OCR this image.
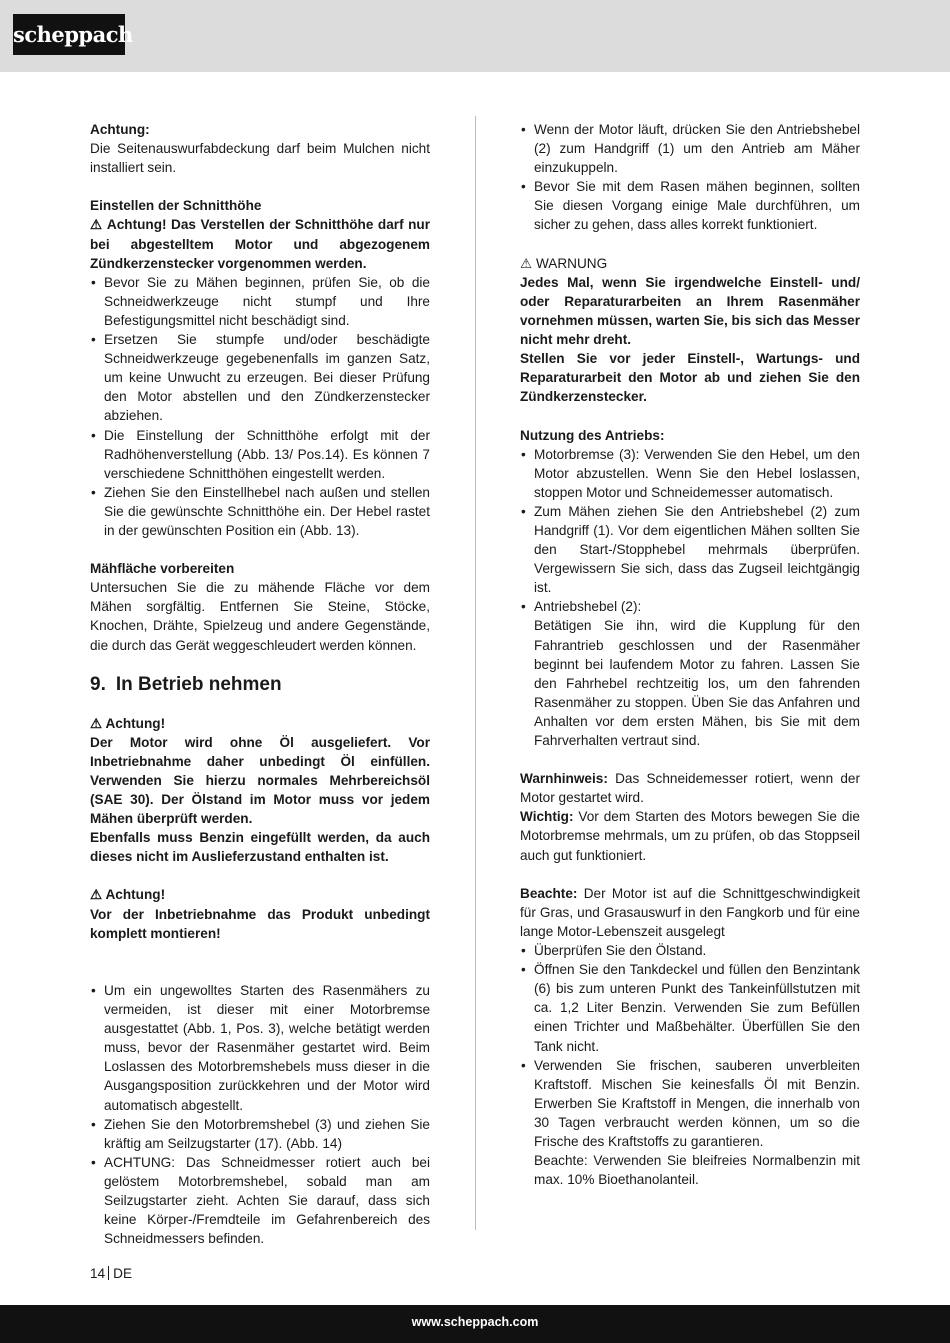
scheppach

Achtung:

Die Seitenauswurfabdeckung darf beim Mulchen nicht installiert sein.

Einstellen der Schnitthöhe

⚠ Achtung! Das Verstellen der Schnitthöhe darf nur bei abgestelltem Motor und abgezogenem Zündkerzenstecker vorgenommen werden.

• Bevor Sie zu Mähen beginnen, prüfen Sie, ob die Schneidwerkzeuge nicht stumpf und Ihre Befestigungsmittel nicht beschädigt sind.
• Ersetzen Sie stumpfe und/oder beschädigte Schneidwerkzeuge gegebenenfalls im ganzen Satz, um keine Unwucht zu erzeugen. Bei dieser Prüfung den Motor abstellen und den Zündkerzenstecker abziehen.
• Die Einstellung der Schnitthöhe erfolgt mit der Radhöhenverstellung (Abb. 13/ Pos.14). Es können 7 verschiedene Schnitthöhen eingestellt werden.
• Ziehen Sie den Einstellhebel nach außen und stellen Sie die gewünschte Schnitthöhe ein. Der Hebel rastet in der gewünschten Position ein (Abb. 13).

Mähfläche vorbereiten

Untersuchen Sie die zu mähende Fläche vor dem Mähen sorgfältig. Entfernen Sie Steine, Stöcke, Knochen, Drähte, Spielzeug und andere Gegenstände, die durch das Gerät weggeschleudert werden können.

9. In Betrieb nehmen

⚠ Achtung!

Der Motor wird ohne Öl ausgeliefert. Vor Inbetriebnahme daher unbedingt Öl einfüllen. Verwenden Sie hierzu normales Mehrbereichsöl (SAE 30). Der Ölstand im Motor muss vor jedem Mähen überprüft werden.

Ebenfalls muss Benzin eingefüllt werden, da auch dieses nicht im Auslieferzustand enthalten ist.

⚠ Achtung!

Vor der Inbetriebnahme das Produkt unbedingt komplett montieren!

• Um ein ungewolltes Starten des Rasenmähers zu vermeiden, ist dieser mit einer Motorbremse ausgestattet (Abb. 1, Pos. 3), welche betätigt werden muss, bevor der Rasenmäher gestartet wird. Beim Loslassen des Motorbremshebels muss dieser in die Ausgangsposition zurückkehren und der Motor wird automatisch abgestellt.
• Ziehen Sie den Motorbremshebel (3) und ziehen Sie kräftig am Seilzugstarter (17). (Abb. 14)
• ACHTUNG: Das Schneidmesser rotiert auch bei gelöstem Motorbremshebel, sobald man am Seilzugstarter zieht. Achten Sie darauf, dass sich keine Körper-/Fremdteile im Gefahrenbereich des Schneidmessers befinden.
• Wenn der Motor läuft, drücken Sie den Antriebshebel (2) zum Handgriff (1) um den Antrieb am Mäher einzukuppeln.
• Bevor Sie mit dem Rasen mähen beginnen, sollten Sie diesen Vorgang einige Male durchführen, um sicher zu gehen, dass alles korrekt funktioniert.

⚠ WARNUNG

Jedes Mal, wenn Sie irgendwelche Einstell- und/ oder Reparaturarbeiten an Ihrem Rasenmäher vornehmen müssen, warten Sie, bis sich das Messer nicht mehr dreht.

Stellen Sie vor jeder Einstell-, Wartungs- und Reparaturarbeit den Motor ab und ziehen Sie den Zündkerzenstecker.

Nutzung des Antriebs:

• Motorbremse (3): Verwenden Sie den Hebel, um den Motor abzustellen. Wenn Sie den Hebel loslassen, stoppen Motor und Schneidemesser automatisch.
• Zum Mähen ziehen Sie den Antriebshebel (2) zum Handgriff (1). Vor dem eigentlichen Mähen sollten Sie den Start-/Stopphebel mehrmals überprüfen. Vergewissern Sie sich, dass das Zugseil leichtgängig ist.
• Antriebshebel (2):
Betätigen Sie ihn, wird die Kupplung für den Fahrantrieb geschlossen und der Rasenmäher beginnt bei laufendem Motor zu fahren. Lassen Sie den Fahrhebel rechtzeitig los, um den fahrenden Rasenmäher zu stoppen. Üben Sie das Anfahren und Anhalten vor dem ersten Mähen, bis Sie mit dem Fahrverhalten vertraut sind.

Warnhinweis: Das Schneidemesser rotiert, wenn der Motor gestartet wird.

Wichtig: Vor dem Starten des Motors bewegen Sie die Motorbremse mehrmals, um zu prüfen, ob das Stoppseil auch gut funktioniert.

Beachte: Der Motor ist auf die Schnittgeschwindigkeit für Gras, und Grasauswurf in den Fangkorb und für eine lange Motor-Lebenszeit ausgelegt

• Überprüfen Sie den Ölstand.
• Öffnen Sie den Tankdeckel und füllen den Benzintank (6) bis zum unteren Punkt des Tankeinfüllstutzen mit ca. 1,2 Liter Benzin. Verwenden Sie zum Befüllen einen Trichter und Maßbehälter. Überfüllen Sie den Tank nicht.
• Verwenden Sie frischen, sauberen unverbleiten Kraftstoff. Mischen Sie keinesfalls Öl mit Benzin. Erwerben Sie Kraftstoff in Mengen, die innerhalb von 30 Tagen verbraucht werden können, um so die Frische des Kraftstoffs zu garantieren.
Beachte: Verwenden Sie bleifreies Normalbenzin mit max. 10% Bioethanolanteil.
14 DE
www.scheppach.com
